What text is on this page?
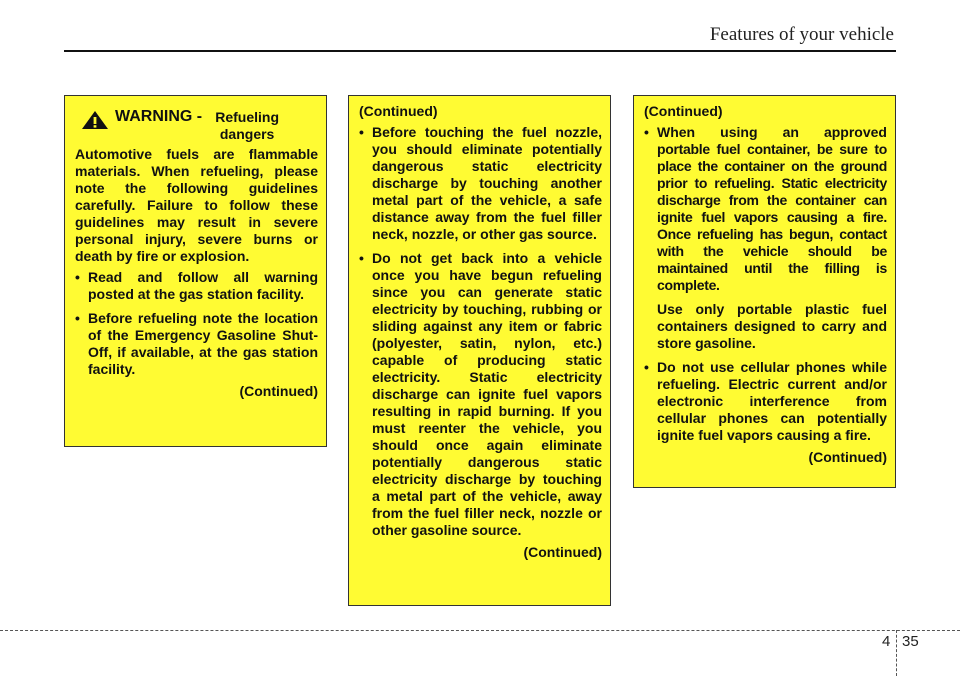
Features of your vehicle
WARNING - Refueling dangers

Automotive fuels are flammable materials. When refueling, please note the following guidelines carefully. Failure to follow these guidelines may result in severe personal injury, severe burns or death by fire or explosion.

• Read and follow all warning posted at the gas station facility.
• Before refueling note the location of the Emergency Gasoline Shut-Off, if available, at the gas station facility.
(Continued)
(Continued)
• Before touching the fuel nozzle, you should eliminate potentially dangerous static electricity discharge by touching another metal part of the vehicle, a safe distance away from the fuel filler neck, nozzle, or other gas source.
• Do not get back into a vehicle once you have begun refueling since you can generate static electricity by touching, rubbing or sliding against any item or fabric (polyester, satin, nylon, etc.) capable of producing static electricity. Static electricity discharge can ignite fuel vapors resulting in rapid burning. If you must reenter the vehicle, you should once again eliminate potentially dangerous static electricity discharge by touching a metal part of the vehicle, away from the fuel filler neck, nozzle or other gasoline source.
(Continued)
(Continued)
• When using an approved
portable fuel container, be sure to place the container on the ground prior to refueling. Static electricity discharge from the container can ignite fuel vapors causing a fire. Once refueling has begun, contact with the vehicle should be maintained until the filling is complete.

Use only portable plastic fuel containers designed to carry and store gasoline.

• Do not use cellular phones while refueling. Electric current and/or electronic interference from cellular phones can potentially ignite fuel vapors causing a fire.
(Continued)
4 35
